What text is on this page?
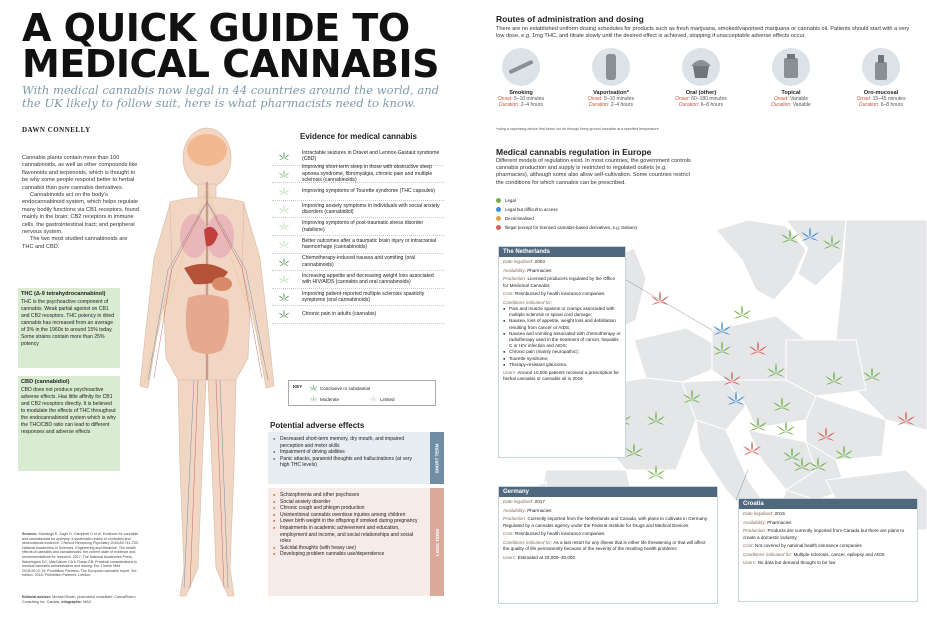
A QUICK GUIDE TO MEDICAL CANNABIS

With medical cannabis now legal in 44 countries around the world, and the UK likely to follow suit, here is what pharmacists need to know.

DAWN CONNELLY

Cannabis plants contain more than 100 cannabinoids, as well as other compounds like flavonoids and terpenoids, which is thought to be why some people respond better to herbal cannabis than pure cannabis derivatives.

Cannabinoids act on the body's endocannabinoid system, which helps regulate many bodily functions via CB1 receptors, found mainly in the brain; CB2 receptors in immune cells, the gastrointestinal tract; and peripheral nervous system.

The two most studied cannabinoids are THC and CBD.

THC (Δ-9 tetrahydrocannabinol)
THC is the psychoactive component of cannabis. Weak partial agonist on CB1 and CB2 receptors. THC potency in dried cannabis has increased from an average of 3% in the 1960s to around 15% today. Some strains contain more than 25% potency
CBD (cannabidiol)
CBD does not produce psychoactive adverse effects. Has little affinity for CB1 and CB2 receptors directly. It is believed to modulate the effects of THC throughout the endocannabinoid system which is why the THC/CBD ratio can lead to different responses and adverse effects
Sources: Stockings E, Zagic G, Campbell G et al. Evidence for cannabis and cannabinoids for epilepsy: a systematic review of controlled and observational evidence. J Neurol Neurosurg Psychiatry 2018;89:741-753; National Academies of Sciences, Engineering and Medicine. The health effects of cannabis and cannabinoids: the current state of evidence and recommendations for research. 2017. The National Academies Press, Washington DC; MacCallum CA & Russo EB. Practical considerations in medical cannabis administration and dosing. Eur J Intern Med 2018;49:12-19; Prohibition Partners. The European cannabis report. 3rd edition. 2018; Prohibition Partners, London.
Editorial adviser: Michael Boivin, pharmacist consultant, CannaPharm Consulting Inc, Canada. Infographic: MAG
Evidence for medical cannabis
Intractable seizures in Dravet and Lennox-Gastaut syndrome (CBD)
Improving short-term sleep in those with obstructive sleep apnoea syndrome, fibromyalgia, chronic pain and multiple sclerosis (cannabinoids)
Improving symptoms of Tourette syndrome (THC capsules)
Improving anxiety symptoms in individuals with social anxiety disorders (cannabidiol)
Improving symptoms of post-traumatic stress disorder (nabilone)
Better outcomes after a traumatic brain injury or intracranial haemorrhage (cannabinoids)
Chemotherapy-induced nausea and vomiting (oral cannabinoids)
Increasing appetite and decreasing weight loss associated with HIV/AIDS (cannabis and oral cannabinoids)
Improving patient-reported multiple sclerosis spasticity symptoms (oral cannabinoids)
Chronic pain in adults (cannabis)
KEY	Conclusive or substantial
Moderate	Limited
Potential adverse effects
● Decreased short-term memory, dry mouth, and impaired perception and motor skills
● Impairment of driving abilities
● Panic attacks, paranoid thoughts and hallucinations (at very high THC levels)	SHORT TERM
● Schizophrenia and other psychoses
● Social anxiety disorder
● Chronic cough and phlegm production
● Unintentional cannabis overdose injuries among children
● Lower birth weight in the offspring if smoked during pregnancy
● Impairments in academic achievement and education, employment and income, and social relationships and social roles
● Suicidal thoughts (with heavy use)
● Developing problem cannabis use/dependence	LONG TERM
Routes of administration and dosing

There are no established uniform dosing schedules for products such as fresh marijuana, smoked/vaporised marijuana or cannabis oil. Patients should start with a very low dose, e.g. 1mg THC, and titrate slowly until the desired effect is achieved, stopping if unacceptable adverse effects occur.

Smoking
Onset: 5–10 minutes
Duration: 2–4 hours
Vaporisation*
Onset: 5–10 minutes
Duration: 2–4 hours
Oral (other)
Onset: 60–180 minutes
Duration: 6–8 hours
Topical
Onset: Variable
Duration: Variable
Oro-mucosal
Onset: 15–45 minutes
Duration: 6–8 hours
*using a vaporising device that blows hot air through finely ground cannabis at a specified temperature
Medical cannabis regulation in Europe

Different models of regulation exist. In most countries, the government controls cannabis production and supply is restricted to regulated outlets (e.g. pharmacies), although some also allow self-cultivation. Some countries restrict the conditions for which cannabis can be prescribed.

Legal
Legal but difficult to access
Decriminalised
Illegal (except for licensed cannabis-based derivatives, e.g. Sativex)
The Netherlands

Date legalised: 2003

Availability: Pharmacies

Production: Licensed producers regulated by the Office for Medicinal Cannabis

Cost: Reimbursed by health insurance companies

Conditions indicated for:

● Pain and muscle spasms or cramps associated with multiple sclerosis or spinal cord damage;
● Nausea, loss of appetite, weight loss and debilitation resulting from cancer or AIDS;
● Nausea and vomiting associated with chemotherapy or radiotherapy used in the treatment of cancer, hepatitis C or HIV infection and AIDS;
● Chronic pain (mainly neuropathic);
● Tourette syndrome;
● Therapy-resistant glaucoma.

Users: Around 10,000 patients received a prescription for herbal cannabis or cannabis oil in 2016

Germany

Date legalised: 2017

Availability: Pharmacies

Production: Currently imported from the Netherlands and Canada, with plans to cultivate in Germany. Regulated by a cannabis agency under the Federal Institute for Drugs and Medical Devices

Cost: Reimbursed by health insurance companies

Conditions indicated for: As a last resort for any illness that is either life threatening or that will affect the quality of life permanently because of the severity of the resulting health problems

Users: Estimated at 20,000–30,000

Croatia

Date legalised: 2015

Availability: Pharmacies

Production: Products are currently imported from Canada but there are plans to create a domestic industry.

Cost: Not covered by national health insurance companies

Conditions indicated for: Multiple sclerosis, cancer, epilepsy and AIDS

Users: No data but demand thought to be low
